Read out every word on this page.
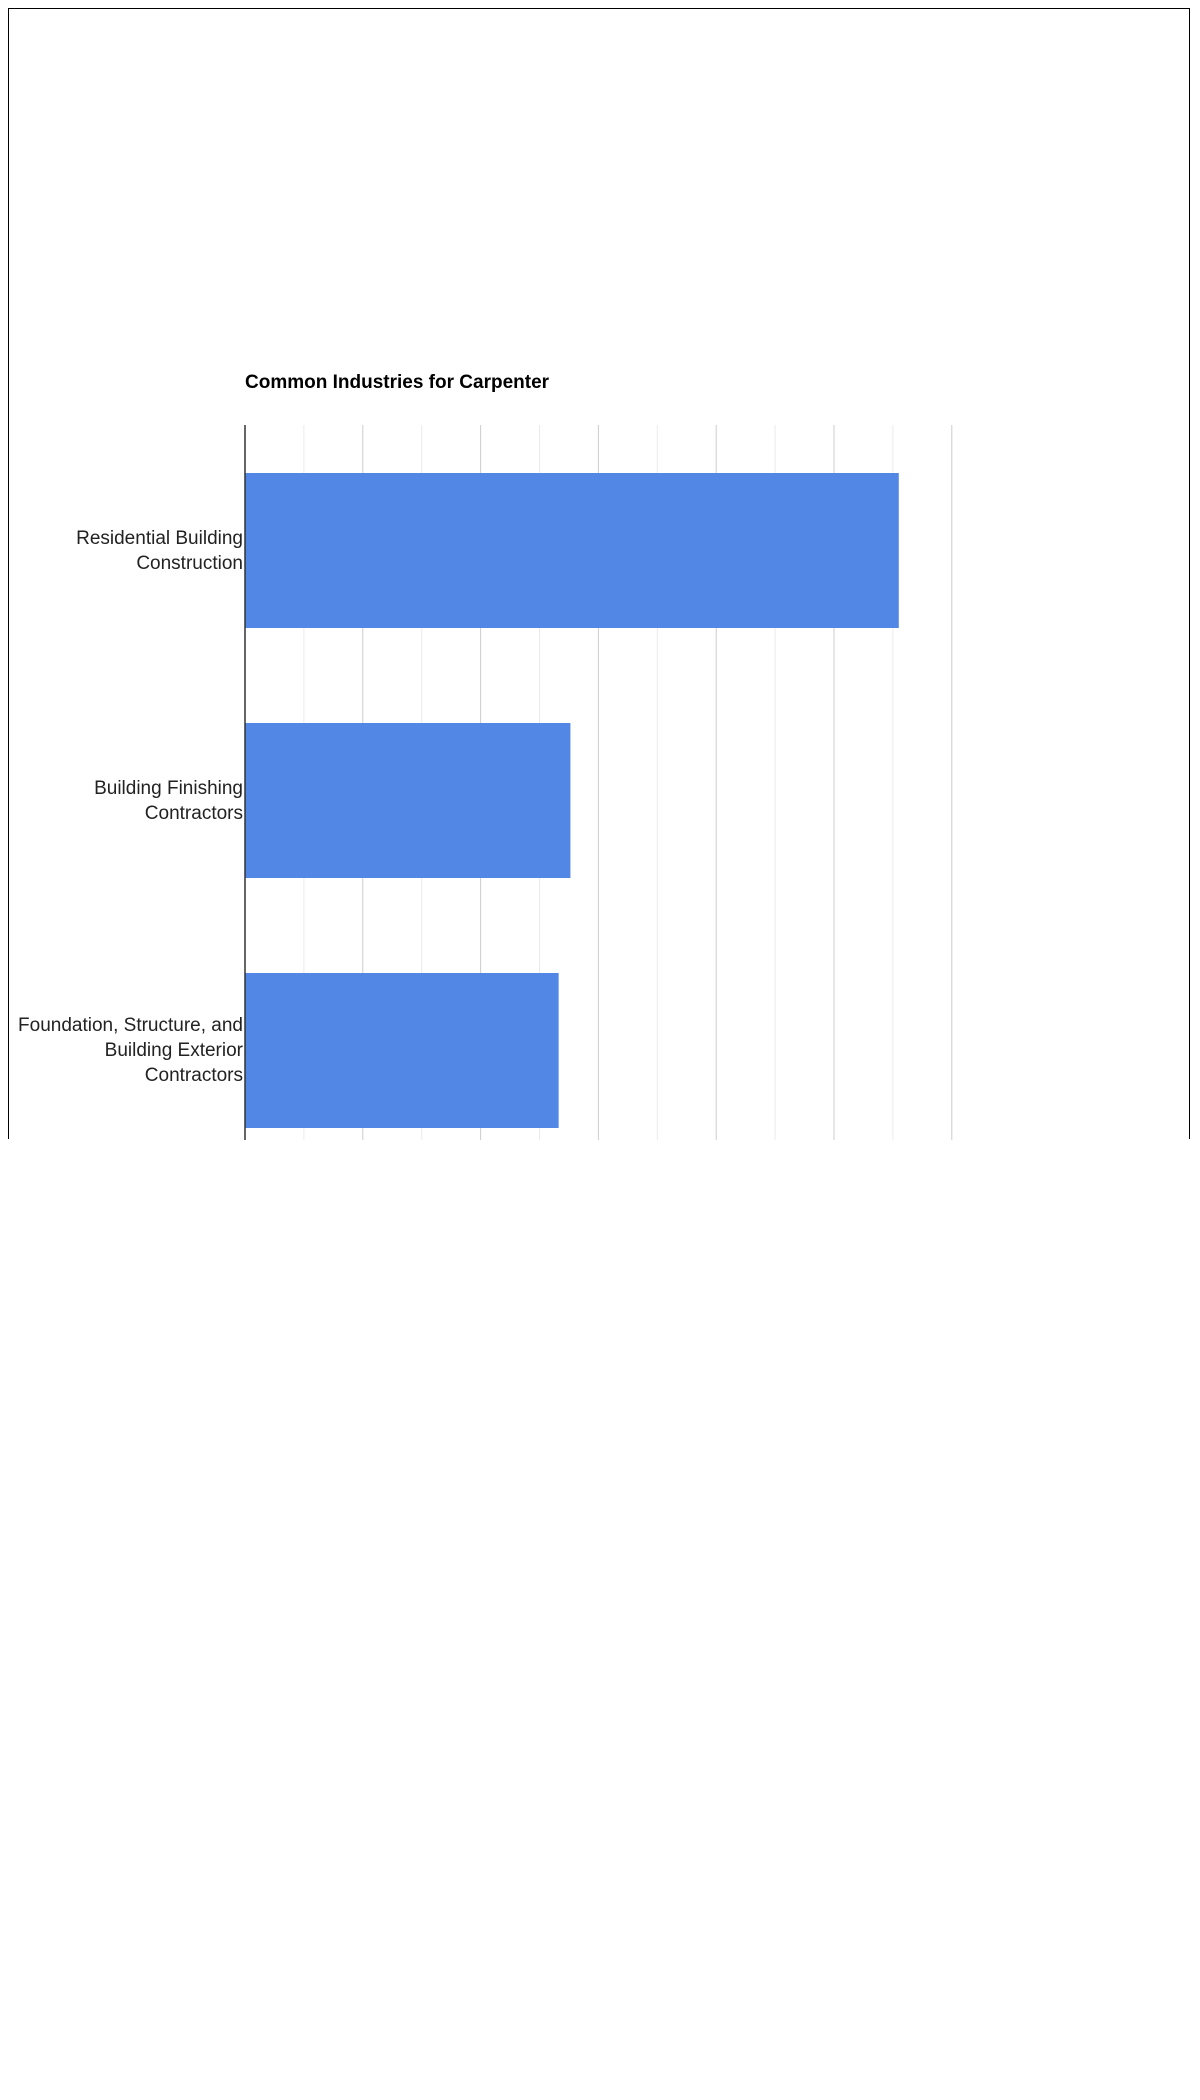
Common Industries for Carpenter
Residential Building
Construction
Building Finishing
Contractors
Foundation, Structure, and
Building Exterior
Contractors
